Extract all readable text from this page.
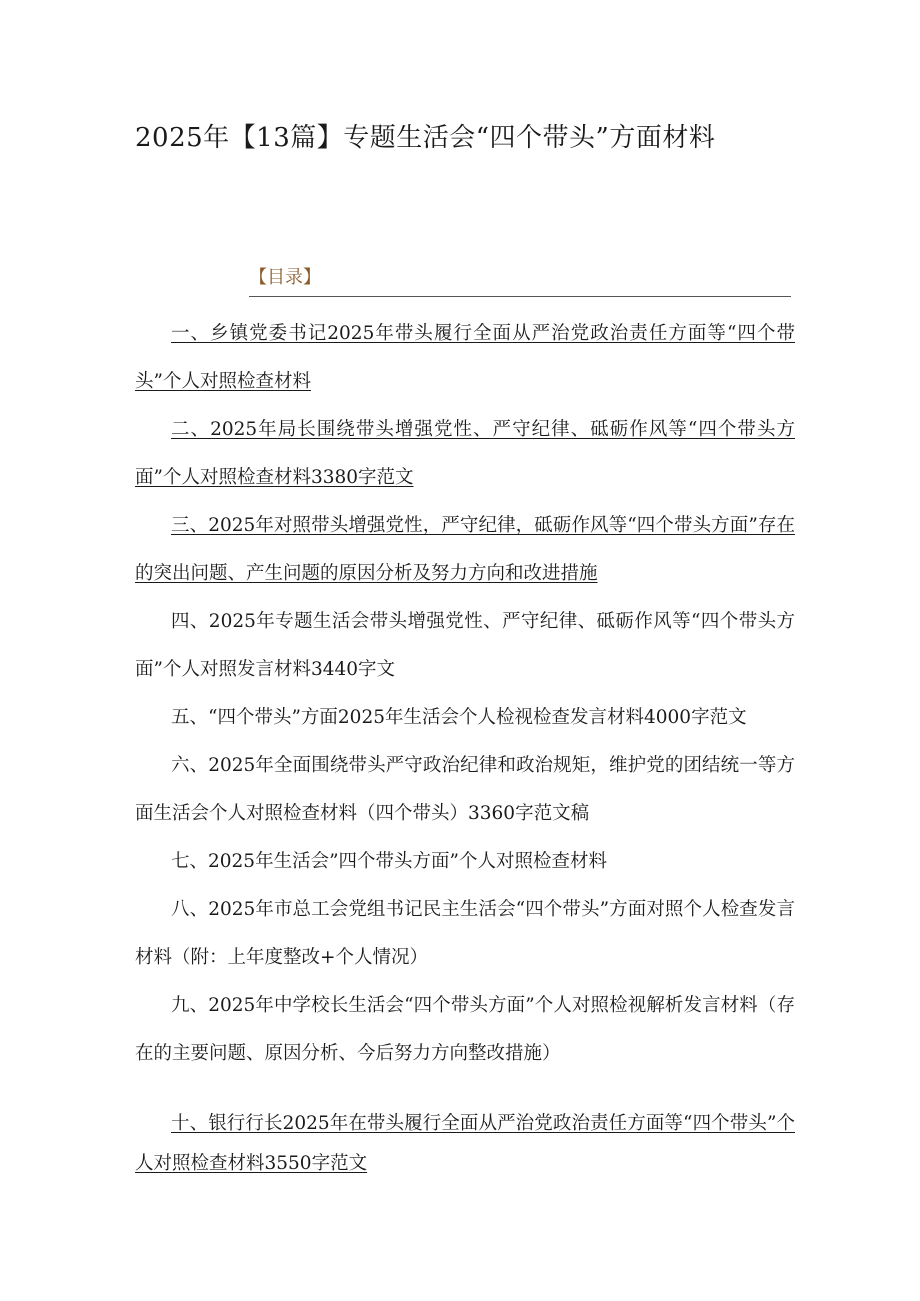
2025年【13篇】专题生活会“四个带头”方面材料
【目录】
一、乡镇党委书记2025年带头履行全面从严治党政治责任方面等“四个带头”个人对照检查材料
二、2025年局长围绕带头增强党性、严守纪律、砥砺作风等“四个带头方面”个人对照检查材料3380字范文
三、2025年对照带头增强党性，严守纪律，砥砺作风等“四个带头方面”存在的突出问题、产生问题的原因分析及努力方向和改进措施
四、2025年专题生活会带头增强党性、严守纪律、砥砺作风等“四个带头方面”个人对照发言材料3440字文
五、“四个带头”方面2025年生活会个人检视检查发言材料4000字范文
六、2025年全面围绕带头严守政治纪律和政治规矩，维护党的团结统一等方面生活会个人对照检查材料（四个带头）3360字范文稿
七、2025年生活会”四个带头方面”个人对照检查材料
八、2025年市总工会党组书记民主生活会“四个带头”方面对照个人检查发言材料（附：上年度整改+个人情况）
九、2025年中学校长生活会“四个带头方面”个人对照检视解析发言材料（存在的主要问题、原因分析、今后努力方向整改措施）
十、银行行长2025年在带头履行全面从严治党政治责任方面等“四个带头”个人对照检查材料3550字范文
